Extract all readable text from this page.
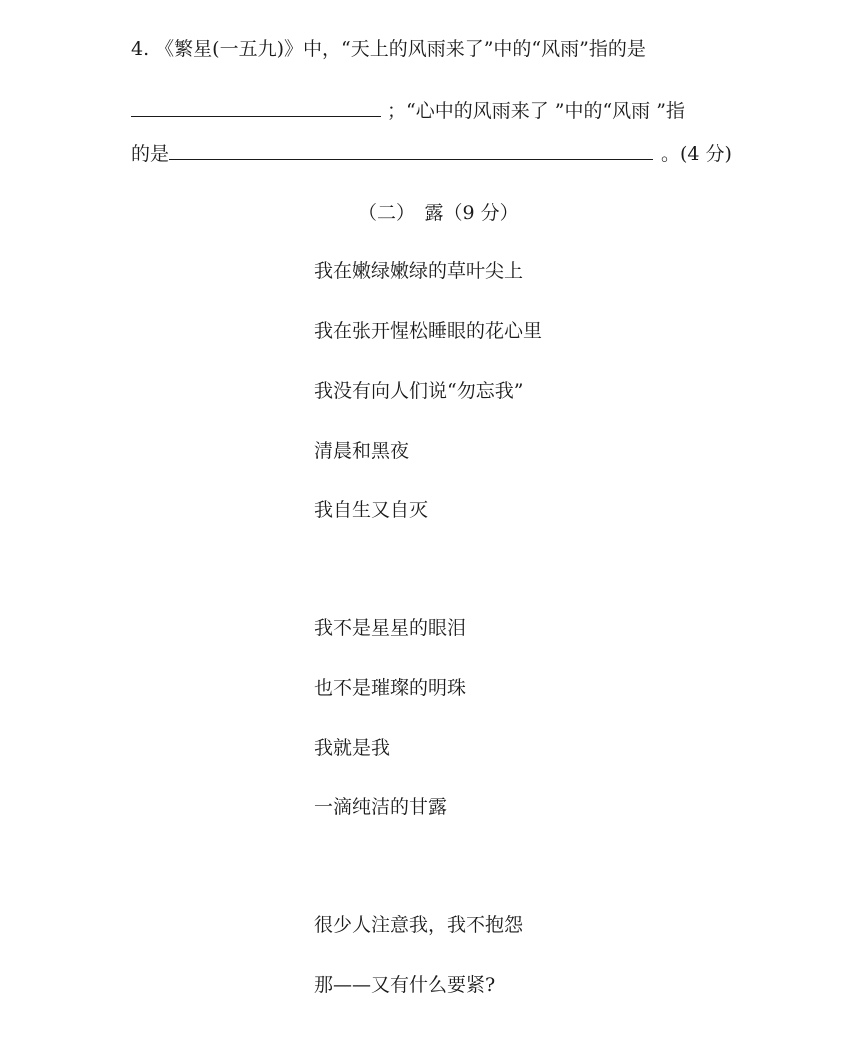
4. 《繁星(一五九)》中，“天上的风雨来了”中的“风雨”指的是
；“心中的风雨来了 ”中的“风雨 ”指
的是	。(4 分)
（二）　露（9 分）
我在嫩绿嫩绿的草叶尖上
我在张开惺松睡眼的花心里
我没有向人们说“勿忘我”
清晨和黑夜
我自生又自灭
我不是星星的眼泪
也不是璀璨的明珠
我就是我
一滴纯洁的甘露
很少人注意我，我不抱怨
那——又有什么要紧?
